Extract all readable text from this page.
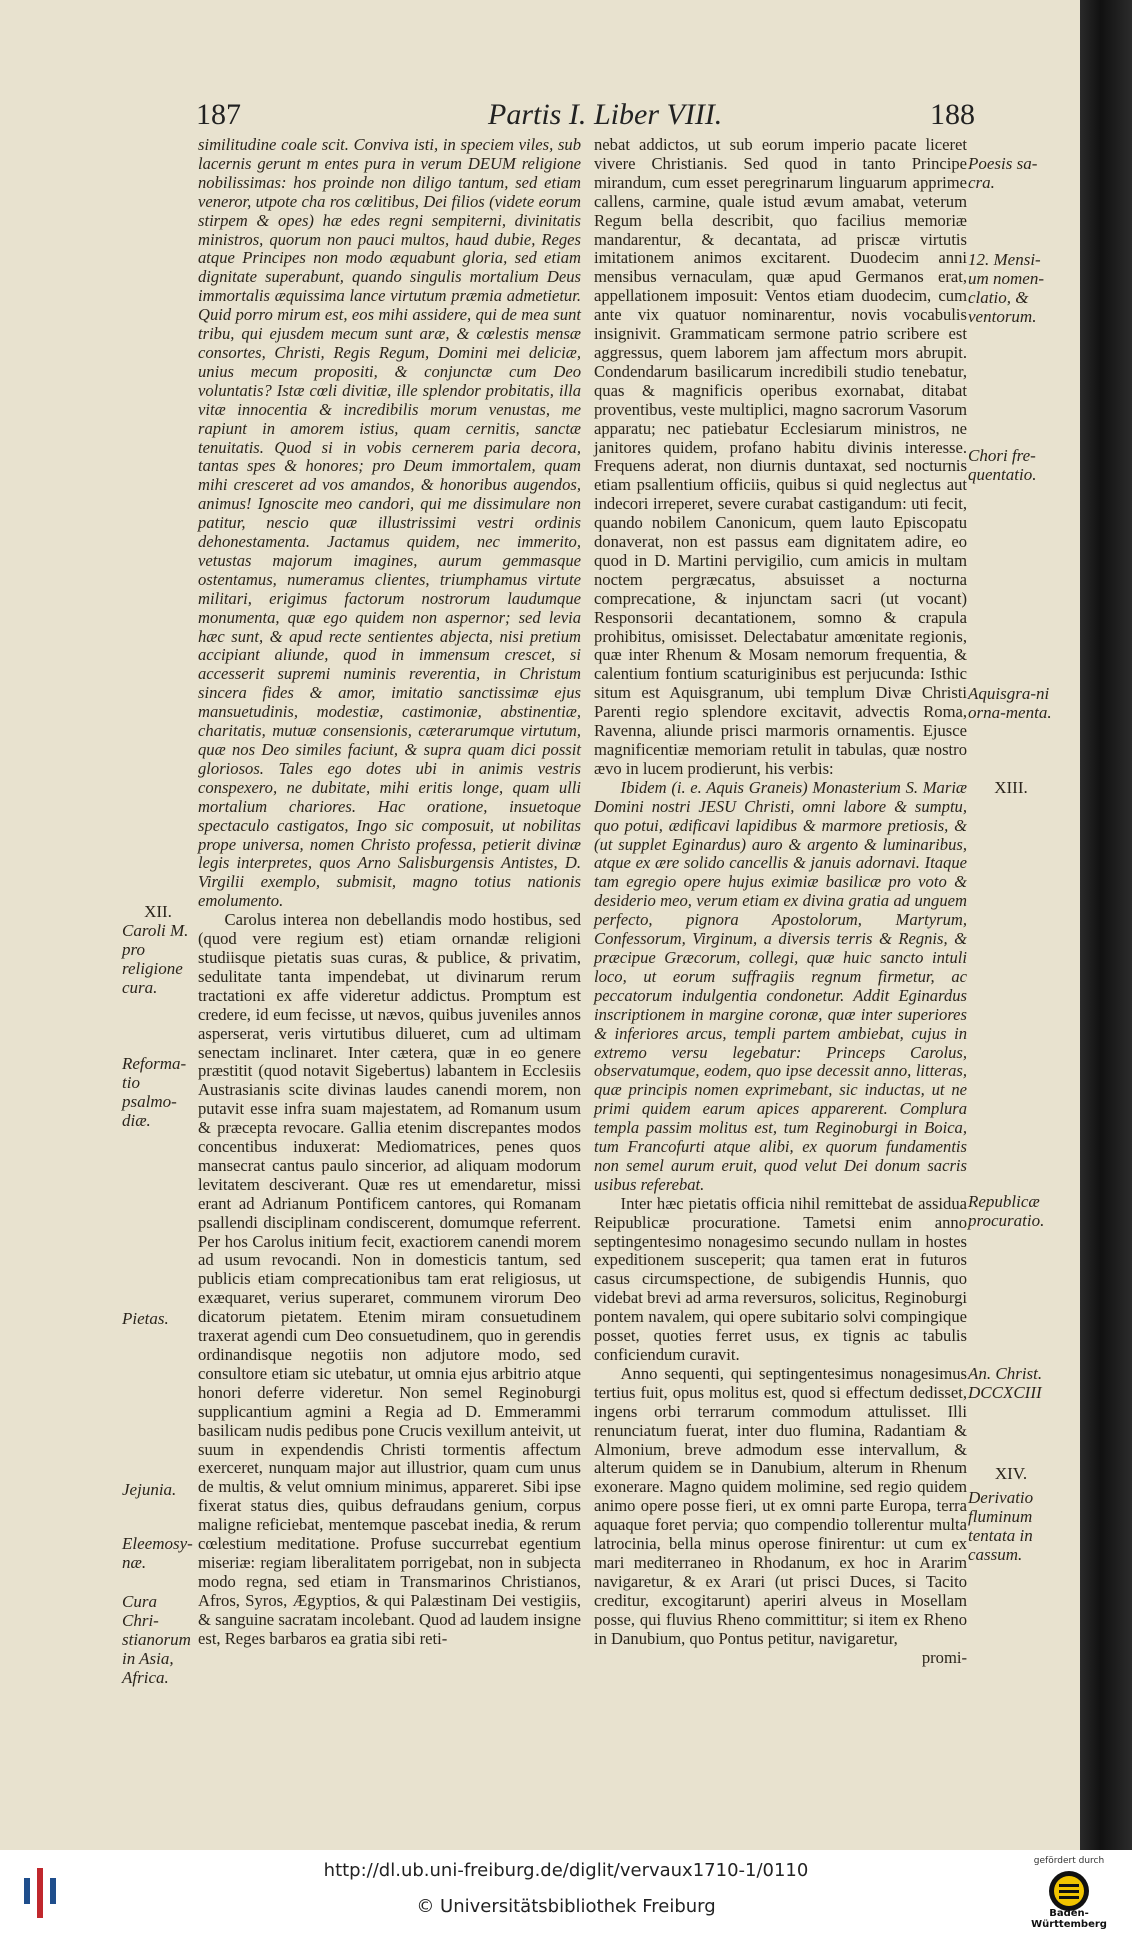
187	Partis I. Liber VIII.	188

similitudine coale scit. Conviva isti, in speciem viles, sub lacernis gerunt m entes pura in verum DEUM religione nobilissimas: hos proinde non diligo tantum, sed etiam veneror, utpote cha ros cœlitibus, Dei filios (videte eorum stirpem & opes) hæ edes regni sempiterni, divinitatis ministros, quorum non pauci multos, haud dubie, Reges atque Principes non modo æquabunt gloria, sed etiam dignitate superabunt, quando singulis mortalium Deus immortalis æquissima lance virtutum præmia admetietur. Quid porro mirum est, eos mihi assidere, qui de mea sunt tribu, qui ejusdem mecum sunt aræ, & cœlestis mensæ consortes, Christi, Regis Regum, Domini mei deliciæ, unius mecum propositi, & conjunctæ cum Deo voluntatis? Istæ cœli divitiæ, ille splendor probitatis, illa vitæ innocentia & incredibilis morum venustas, me rapiunt in amorem istius, quam cernitis, sanctæ tenuitatis. Quod si in vobis cernerem paria decora, tantas spes & honores; pro Deum immortalem, quam mihi cresceret ad vos amandos, & honoribus augendos, animus! Ignoscite meo candori, qui me dissimulare non patitur, nescio quæ illustrissimi vestri ordinis dehonestamenta. Jactamus quidem, nec immerito, vetustas majorum imagines, aurum gemmasque ostentamus, numeramus clientes, triumphamus virtute militari, erigimus factorum nostrorum laudumque monumenta, quæ ego quidem non aspernor; sed levia hæc sunt, & apud recte sentientes abjecta, nisi pretium accipiant aliunde, quod in immensum crescet, si accesserit supremi numinis reverentia, in Christum sincera fides & amor, imitatio sanctissimæ ejus mansuetudinis, modestiæ, castimoniæ, abstinentiæ, charitatis, mutuæ consensionis, cæterarumque virtutum, quæ nos Deo similes faciunt, & supra quam dici possit gloriosos. Tales ego dotes ubi in animis vestris conspexero, ne dubitate, mihi eritis longe, quam ulli mortalium chariores. Hac oratione, insuetoque spectaculo castigatos, Ingo sic composuit, ut nobilitas prope universa, nomen Christo professa, petierit divinæ legis interpretes, quos Arno Salisburgensis Antistes, D. Virgilii exemplo, submisit, magno totius nationis emolumento.

Carolus interea non debellandis modo hostibus, sed (quod vere regium est) etiam ornandæ religioni studiisque pietatis suas curas, & publice, & privatim, sedulitate tanta impendebat, ut divinarum rerum tractationi ex affe videretur addictus. Promptum est credere, id eum fecisse, ut nævos, quibus juveniles annos asperserat, veris virtutibus dilueret, cum ad ultimam senectam inclinaret. Inter cætera, quæ in eo genere præstitit (quod notavit Sigebertus) labantem in Ecclesiis Austrasianis scite divinas laudes canendi morem, non putavit esse infra suam majestatem, ad Romanum usum & præcepta revocare. Gallia etenim discrepantes modos concentibus induxerat: Mediomatrices, penes quos mansecrat cantus paulo sincerior, ad aliquam modorum levitatem desciverant. Quæ res ut emendaretur, missi erant ad Adrianum Pontificem cantores, qui Romanam psallendi disciplinam condiscerent, domumque referrent. Per hos Carolus initium fecit, exactiorem canendi morem ad usum revocandi. Non in domesticis tantum, sed publicis etiam comprecationibus tam erat religiosus, ut exæquaret, verius superaret, communem virorum Deo dicatorum pietatem. Etenim miram consuetudinem traxerat agendi cum Deo consuetudinem, quo in gerendis ordinandisque negotiis non adjutore modo, sed consultore etiam sic utebatur, ut omnia ejus arbitrio atque honori deferre videretur. Non semel Reginoburgi supplicantium agmini a Regia ad D. Emmerammi basilicam nudis pedibus pone Crucis vexillum anteivit, ut suum in expendendis Christi tormentis affectum exerceret, nunquam major aut illustrior, quam cum unus de multis, & velut omnium minimus, appareret. Sibi ipse fixerat status dies, quibus defraudans genium, corpus maligne reficiebat, mentemque pascebat inedia, & rerum cœlestium meditatione. Profuse succurrebat egentium miseriæ: regiam liberalitatem porrigebat, non in subjecta modo regna, sed etiam in Transmarinos Christianos, Afros, Syros, Ægyptios, & qui Palæstinam Dei vestigiis, & sanguine sacratam incolebant. Quod ad laudem insigne est, Reges barbaros ea gratia sibi reti-

nebat addictos, ut sub eorum imperio pacate liceret vivere Christianis. Sed quod in tanto Principe mirandum, cum esset peregrinarum linguarum apprime callens, carmine, quale istud ævum amabat, veterum Regum bella describit, quo facilius memoriæ mandarentur, & decantata, ad priscæ virtutis imitationem animos excitarent. Duodecim anni mensibus vernaculam, quæ apud Germanos erat, appellationem imposuit: Ventos etiam duodecim, cum ante vix quatuor nominarentur, novis vocabulis insignivit. Grammaticam sermone patrio scribere est aggressus, quem laborem jam affectum mors abrupit. Condendarum basilicarum incredibili studio tenebatur, quas & magnificis operibus exornabat, ditabat proventibus, veste multiplici, magno sacrorum Vasorum apparatu; nec patiebatur Ecclesiarum ministros, ne janitores quidem, profano habitu divinis interesse. Frequens aderat, non diurnis duntaxat, sed nocturnis etiam psallentium officiis, quibus si quid neglectus aut indecori irreperet, severe curabat castigandum: uti fecit, quando nobilem Canonicum, quem lauto Episcopatu donaverat, non est passus eam dignitatem adire, eo quod in D. Martini pervigilio, cum amicis in multam noctem pergræcatus, absuisset a nocturna comprecatione, & injunctam sacri (ut vocant) Responsorii decantationem, somno & crapula prohibitus, omisisset. Delectabatur amœnitate regionis, quæ inter Rhenum & Mosam nemorum frequentia, & calentium fontium scaturiginibus est perjucunda: Isthic situm est Aquisgranum, ubi templum Divæ Christi Parenti regio splendore excitavit, advectis Roma, Ravenna, aliunde prisci marmoris ornamentis. Ejusce magnificentiæ memoriam retulit in tabulas, quæ nostro ævo in lucem prodierunt, his verbis:

Ibidem (i. e. Aquis Graneis) Monasterium S. Mariæ Domini nostri JESU Christi, omni labore & sumptu, quo potui, ædificavi lapidibus & marmore pretiosis, & (ut supplet Eginardus) auro & argento & luminaribus, atque ex ære solido cancellis & januis adornavi. Itaque tam egregio opere hujus eximiæ basilicæ pro voto & desiderio meo, verum etiam ex divina gratia ad unguem perfecto, pignora Apostolorum, Martyrum, Confessorum, Virginum, a diversis terris & Regnis, & præcipue Græcorum, collegi, quæ huic sancto intuli loco, ut eorum suffragiis regnum firmetur, ac peccatorum indulgentia condonetur. Addit Eginardus inscriptionem in margine coronæ, quæ inter superiores & inferiores arcus, templi partem ambiebat, cujus in extremo versu legebatur: Princeps Carolus, observatumque, eodem, quo ipse decessit anno, litteras, quæ principis nomen exprimebant, sic inductas, ut ne primi quidem earum apices apparerent. Complura templa passim molitus est, tum Reginoburgi in Boica, tum Francofurti atque alibi, ex quorum fundamentis non semel aurum eruit, quod velut Dei donum sacris usibus referebat.

Inter hæc pietatis officia nihil remittebat de assidua Reipublicæ procuratione. Tametsi enim anno septingentesimo nonagesimo secundo nullam in hostes expeditionem susceperit; qua tamen erat in futuros casus circumspectione, de subigendis Hunnis, quo videbat brevi ad arma reversuros, solicitus, Reginoburgi pontem navalem, qui opere subitario solvi compingique posset, quoties ferret usus, ex tignis ac tabulis conficiendum curavit.

Anno sequenti, qui septingentesimus nonagesimus tertius fuit, opus molitus est, quod si effectum dedisset, ingens orbi terrarum commodum attulisset. Illi renunciatum fuerat, inter duo flumina, Radantiam & Almonium, breve admodum esse intervallum, & alterum quidem se in Danubium, alterum in Rhenum exonerare. Magno quidem molimine, sed regio quidem animo opere posse fieri, ut ex omni parte Europa, terra aquaque foret pervia; quo compendio tollerentur multa latrocinia, bella minus operose finirentur: ut cum ex mari mediterraneo in Rhodanum, ex hoc in Ararim navigaretur, & ex Arari (ut prisci Duces, si Tacito creditur, excogitarunt) aperiri alveus in Mosellam posse, qui fluvius Rheno committitur; si item ex Rheno in Danubium, quo Pontus petitur, navigaretur,

promi-

XII.
Caroli M. pro religione cura.
Reforma-tio psalmo-diæ.
Pietas.
Jejunia.
Eleemosy-næ.
Cura Chri-stianorum in Asia, Africa.
Poesis sa-cra.
12. Mensi-um nomen-clatio, & ventorum.
Chori fre-quentatio.
Aquisgra-ni orna-menta.
XIII.
Republicæ procuratio.
An. Christ. DCCXCIII
XIV.
Derivatio fluminum tentata in cassum.
http://dl.ub.uni-freiburg.de/diglit/vervaux1710-1/0110
© Universitätsbibliothek Freiburg
gefördert durch
Baden-Württemberg
